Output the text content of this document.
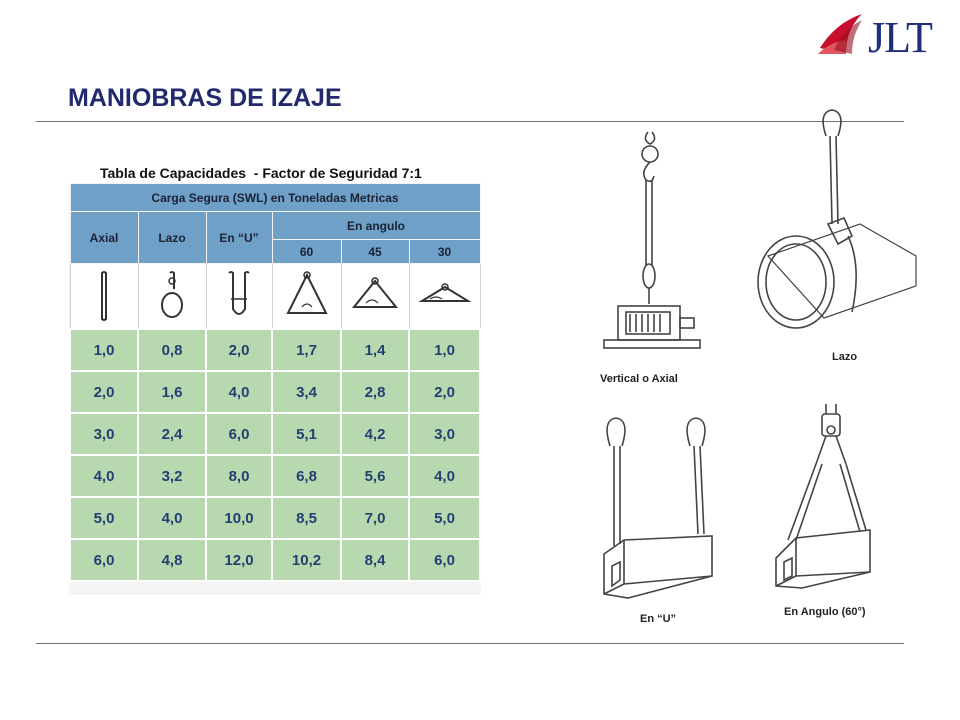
JLT
MANIOBRAS DE IZAJE
Tabla de Capacidades  - Factor de Seguridad 7:1
Carga Segura (SWL) en Toneladas Metricas					
Axial	Lazo	En “U”	En angulo		
			60	45	30

1,0	0,8	2,0	1,7	1,4	1,0
2,0	1,6	4,0	3,4	2,8	2,0
3,0	2,4	6,0	5,1	4,2	3,0
4,0	3,2	8,0	6,8	5,6	4,0
5,0	4,0	10,0	8,5	7,0	5,0
6,0	4,8	12,0	10,2	8,4	6,0
Vertical o Axial
Lazo
En “U”
En Angulo (60°)
